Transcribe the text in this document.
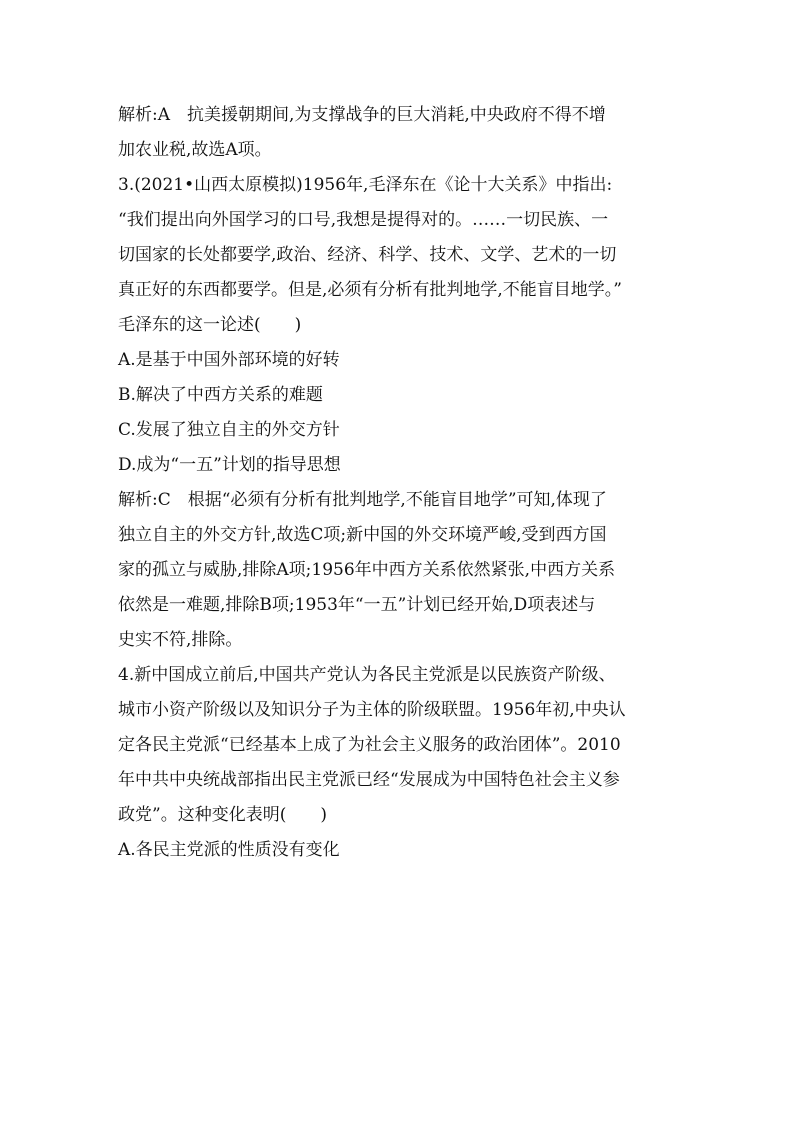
解析:A　抗美援朝期间,为支撑战争的巨大消耗,中央政府不得不增
加农业税,故选A项。
3.(2021•山西太原模拟)1956年,毛泽东在《论十大关系》中指出:
“我们提出向外国学习的口号,我想是提得对的。……一切民族、一
切国家的长处都要学,政治、经济、科学、技术、文学、艺术的一切
真正好的东西都要学。但是,必须有分析有批判地学,不能盲目地学。”
毛泽东的这一论述(　　)
A.是基于中国外部环境的好转
B.解决了中西方关系的难题
C.发展了独立自主的外交方针
D.成为“一五”计划的指导思想
解析:C　根据“必须有分析有批判地学,不能盲目地学”可知,体现了
独立自主的外交方针,故选C项;新中国的外交环境严峻,受到西方国
家的孤立与威胁,排除A项;1956年中西方关系依然紧张,中西方关系
依然是一难题,排除B项;1953年“一五”计划已经开始,D项表述与
史实不符,排除。
4.新中国成立前后,中国共产党认为各民主党派是以民族资产阶级、
城市小资产阶级以及知识分子为主体的阶级联盟。1956年初,中央认
定各民主党派“已经基本上成了为社会主义服务的政治团体”。2010
年中共中央统战部指出民主党派已经“发展成为中国特色社会主义参
政党”。这种变化表明(　　)
A.各民主党派的性质没有变化
